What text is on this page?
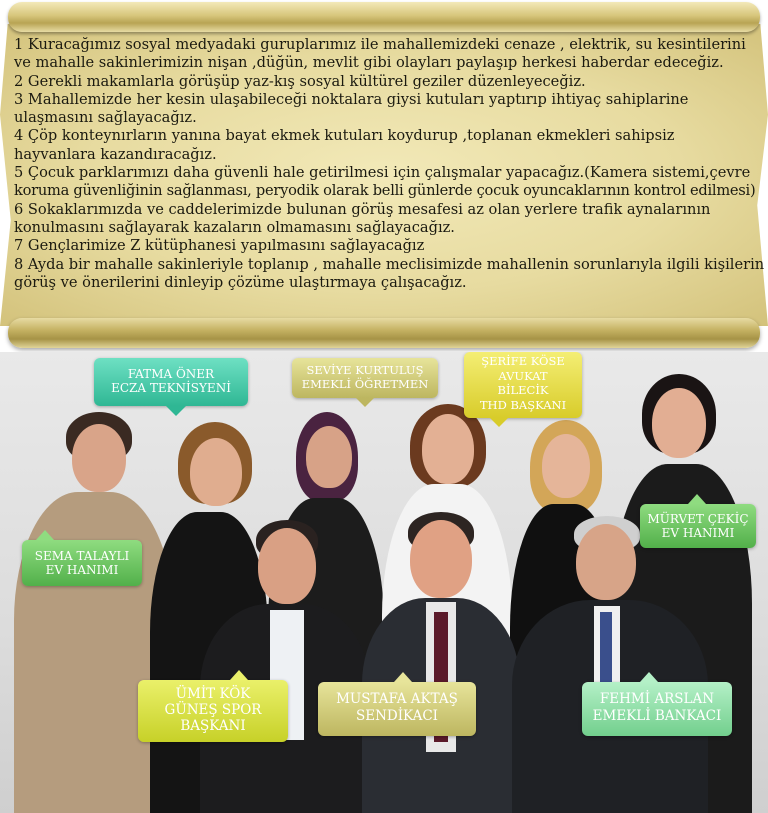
1 Kuracağımız sosyal medyadaki guruplarımız ile mahallemizdeki cenaze , elektrik, su kesintilerini

ve mahalle sakinlerimizin nişan ,düğün, mevlit gibi olayları paylaşıp herkesi haberdar edeceğiz.

2 Gerekli makamlarla görüşüp yaz-kış sosyal kültürel geziler düzenleyeceğiz.

3 Mahallemizde her kesin ulaşabileceği noktalara giysi kutuları yaptırıp ihtiyaç sahiplarine

ulaşmasını sağlayacağız.

4 Çöp konteynırların yanına bayat ekmek kutuları koydurup ,toplanan ekmekleri sahipsiz

hayvanlara kazandıracağız.

5 Çocuk parklarımızı daha güvenli hale getirilmesi için çalışmalar yapacağız.(Kamera sistemi,çevre

koruma güvenliğinin sağlanması, peryodik olarak belli günlerde çocuk oyuncaklarının kontrol edilmesi)

6 Sokaklarımızda ve caddelerimizde bulunan görüş mesafesi az olan yerlere trafik aynalarının

konulmasını sağlayarak kazaların olmamasını sağlayacağız.

7 Gençlarimize Z kütüphanesi yapılmasını sağlayacağız

8 Ayda bir mahalle sakinleriyle toplanıp , mahalle meclisimizde mahallenin sorunlarıyla ilgili kişilerin

görüş ve önerilerini dinleyip çözüme ulaştırmaya çalışacağız.

FATMA ÖNER
ECZA TEKNİSYENİ
SEVİYE KURTULUŞ
EMEKLİ ÖĞRETMEN
ŞERİFE KÖSE
AVUKAT
BİLECİK
THD BAŞKANI
MÜRVET ÇEKİÇ
EV HANIMI
SEMA TALAYLI
EV HANIMI
ÜMİT KÖK
GÜNEŞ SPOR
BAŞKANI
MUSTAFA AKTAŞ
SENDİKACI
FEHMİ ARSLAN
EMEKLİ BANKACI
